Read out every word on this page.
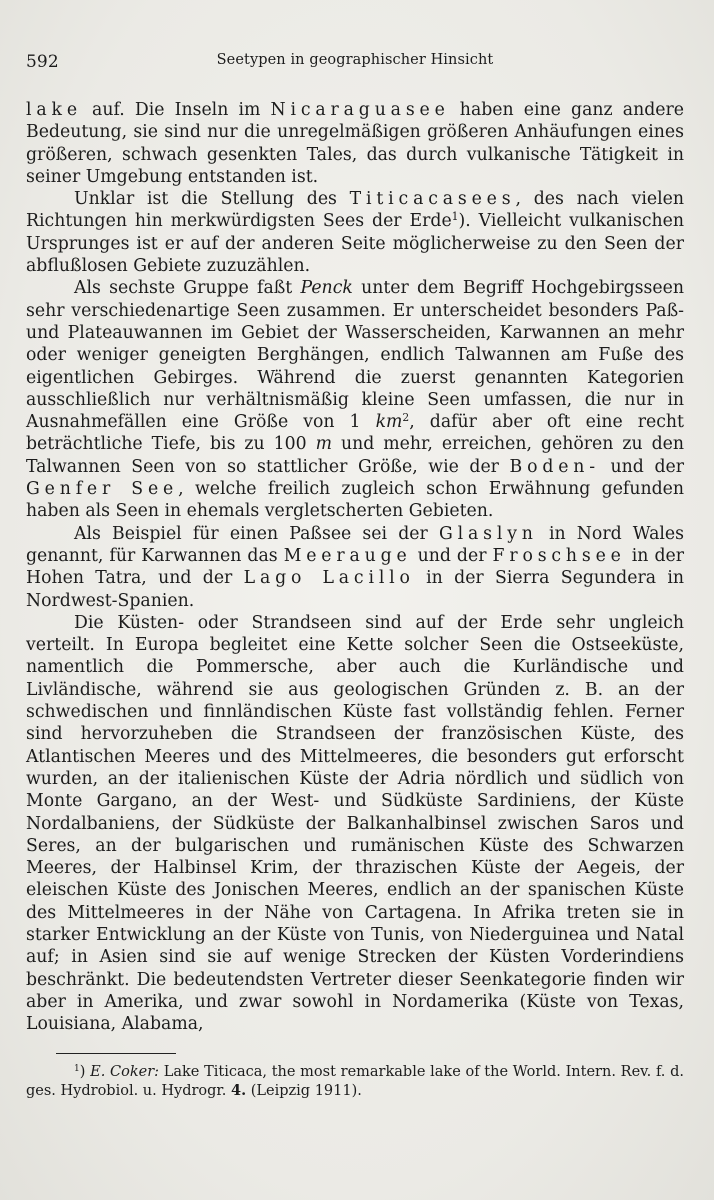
592	Seetypen in geographischer Hinsicht

lake auf. Die Inseln im Nicaraguasee haben eine ganz andere Bedeutung, sie sind nur die unregelmäßigen größeren Anhäufungen eines größeren, schwach gesenkten Tales, das durch vulkanische Tätigkeit in seiner Umgebung entstanden ist.

Unklar ist die Stellung des Titicacasees, des nach vielen Richtungen hin merkwürdigsten Sees der Erde$^1$). Vielleicht vulkanischen Ursprunges ist er auf der anderen Seite möglicherweise zu den Seen der abflußlosen Gebiete zuzuzählen.

Als sechste Gruppe faßt Penck unter dem Begriff Hochgebirgsseen sehr verschiedenartige Seen zusammen. Er unterscheidet besonders Paß- und Plateauwannen im Gebiet der Wasserscheiden, Karwannen an mehr oder weniger geneigten Berghängen, endlich Talwannen am Fuße des eigentlichen Gebirges. Während die zuerst genannten Kategorien ausschließlich nur verhältnismäßig kleine Seen umfassen, die nur in Ausnahmefällen eine Größe von 1 $km^2$, dafür aber oft eine recht beträchtliche Tiefe, bis zu 100 m und mehr, erreichen, gehören zu den Talwannen Seen von so stattlicher Größe, wie der Boden- und der Genfer See, welche freilich zugleich schon Erwähnung gefunden haben als Seen in ehemals vergletscherten Gebieten.

Als Beispiel für einen Paßsee sei der Glaslyn in Nord Wales genannt, für Karwannen das Meerauge und der Froschsee in der Hohen Tatra, und der Lago Lacillo in der Sierra Segundera in Nordwest-Spanien.

Die Küsten- oder Strandseen sind auf der Erde sehr ungleich verteilt. In Europa begleitet eine Kette solcher Seen die Ostseeküste, namentlich die Pommersche, aber auch die Kurländische und Livländische, während sie aus geologischen Gründen z. B. an der schwedischen und finnländischen Küste fast vollständig fehlen. Ferner sind hervorzuheben die Strandseen der französischen Küste, des Atlantischen Meeres und des Mittelmeeres, die besonders gut erforscht wurden, an der italienischen Küste der Adria nördlich und südlich von Monte Gargano, an der West- und Südküste Sardiniens, der Küste Nordalbaniens, der Südküste der Balkanhalbinsel zwischen Saros und Seres, an der bulgarischen und rumänischen Küste des Schwarzen Meeres, der Halbinsel Krim, der thrazischen Küste der Aegeis, der eleischen Küste des Jonischen Meeres, endlich an der spanischen Küste des Mittelmeeres in der Nähe von Cartagena. In Afrika treten sie in starker Entwicklung an der Küste von Tunis, von Niederguinea und Natal auf; in Asien sind sie auf wenige Strecken der Küsten Vorderindiens beschränkt. Die bedeutendsten Vertreter dieser Seenkategorie finden wir aber in Amerika, und zwar sowohl in Nordamerika (Küste von Texas, Louisiana, Alabama,

$^1$) E. Coker: Lake Titicaca, the most remarkable lake of the World. Intern. Rev. f. d. ges. Hydrobiol. u. Hydrogr. 4. (Leipzig 1911).
